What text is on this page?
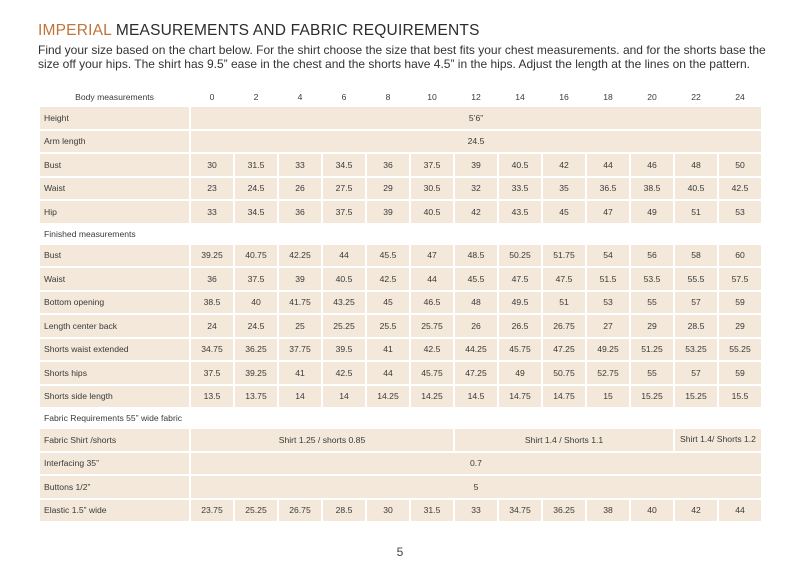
IMPERIAL MEASUREMENTS AND FABRIC REQUIREMENTS
Find your size based on the chart below. For the shirt choose the size that best fits your chest measurements. and for the shorts base the size off your hips. The shirt has 9.5” ease in the chest and the shorts have 4.5” in the hips. Adjust the length at the lines on the pattern.
Body measurements	0	2	4	6	8	10	12	14	16	18	20	22	24
Height	5’6”												
Arm length	24.5												
Bust	30	31.5	33	34.5	36	37.5	39	40.5	42	44	46	48	50
Waist	23	24.5	26	27.5	29	30.5	32	33.5	35	36.5	38.5	40.5	42.5
Hip	33	34.5	36	37.5	39	40.5	42	43.5	45	47	49	51	53
Finished measurements													
Bust	39.25	40.75	42.25	44	45.5	47	48.5	50.25	51.75	54	56	58	60
Waist	36	37.5	39	40.5	42.5	44	45.5	47.5	47.5	51.5	53.5	55.5	57.5
Bottom opening	38.5	40	41.75	43.25	45	46.5	48	49.5	51	53	55	57	59
Length center back	24	24.5	25	25.25	25.5	25.75	26	26.5	26.75	27	29	28.5	29
Shorts waist extended	34.75	36.25	37.75	39.5	41	42.5	44.25	45.75	47.25	49.25	51.25	53.25	55.25
Shorts hips	37.5	39.25	41	42.5	44	45.75	47.25	49	50.75	52.75	55	57	59
Shorts side length	13.5	13.75	14	14	14.25	14.25	14.5	14.75	14.75	15	15.25	15.25	15.5
Fabric Requirements 55” wide fabric													
Fabric Shirt /shorts	Shirt 1.25 / shorts 0.85						Shirt 1.4 / Shorts 1.1					Shirt 1.4/ Shorts 1.2	
Interfacing 35”	0.7												
Buttons 1/2”	5												
Elastic 1.5” wide	23.75	25.25	26.75	28.5	30	31.5	33	34.75	36.25	38	40	42	44
5
